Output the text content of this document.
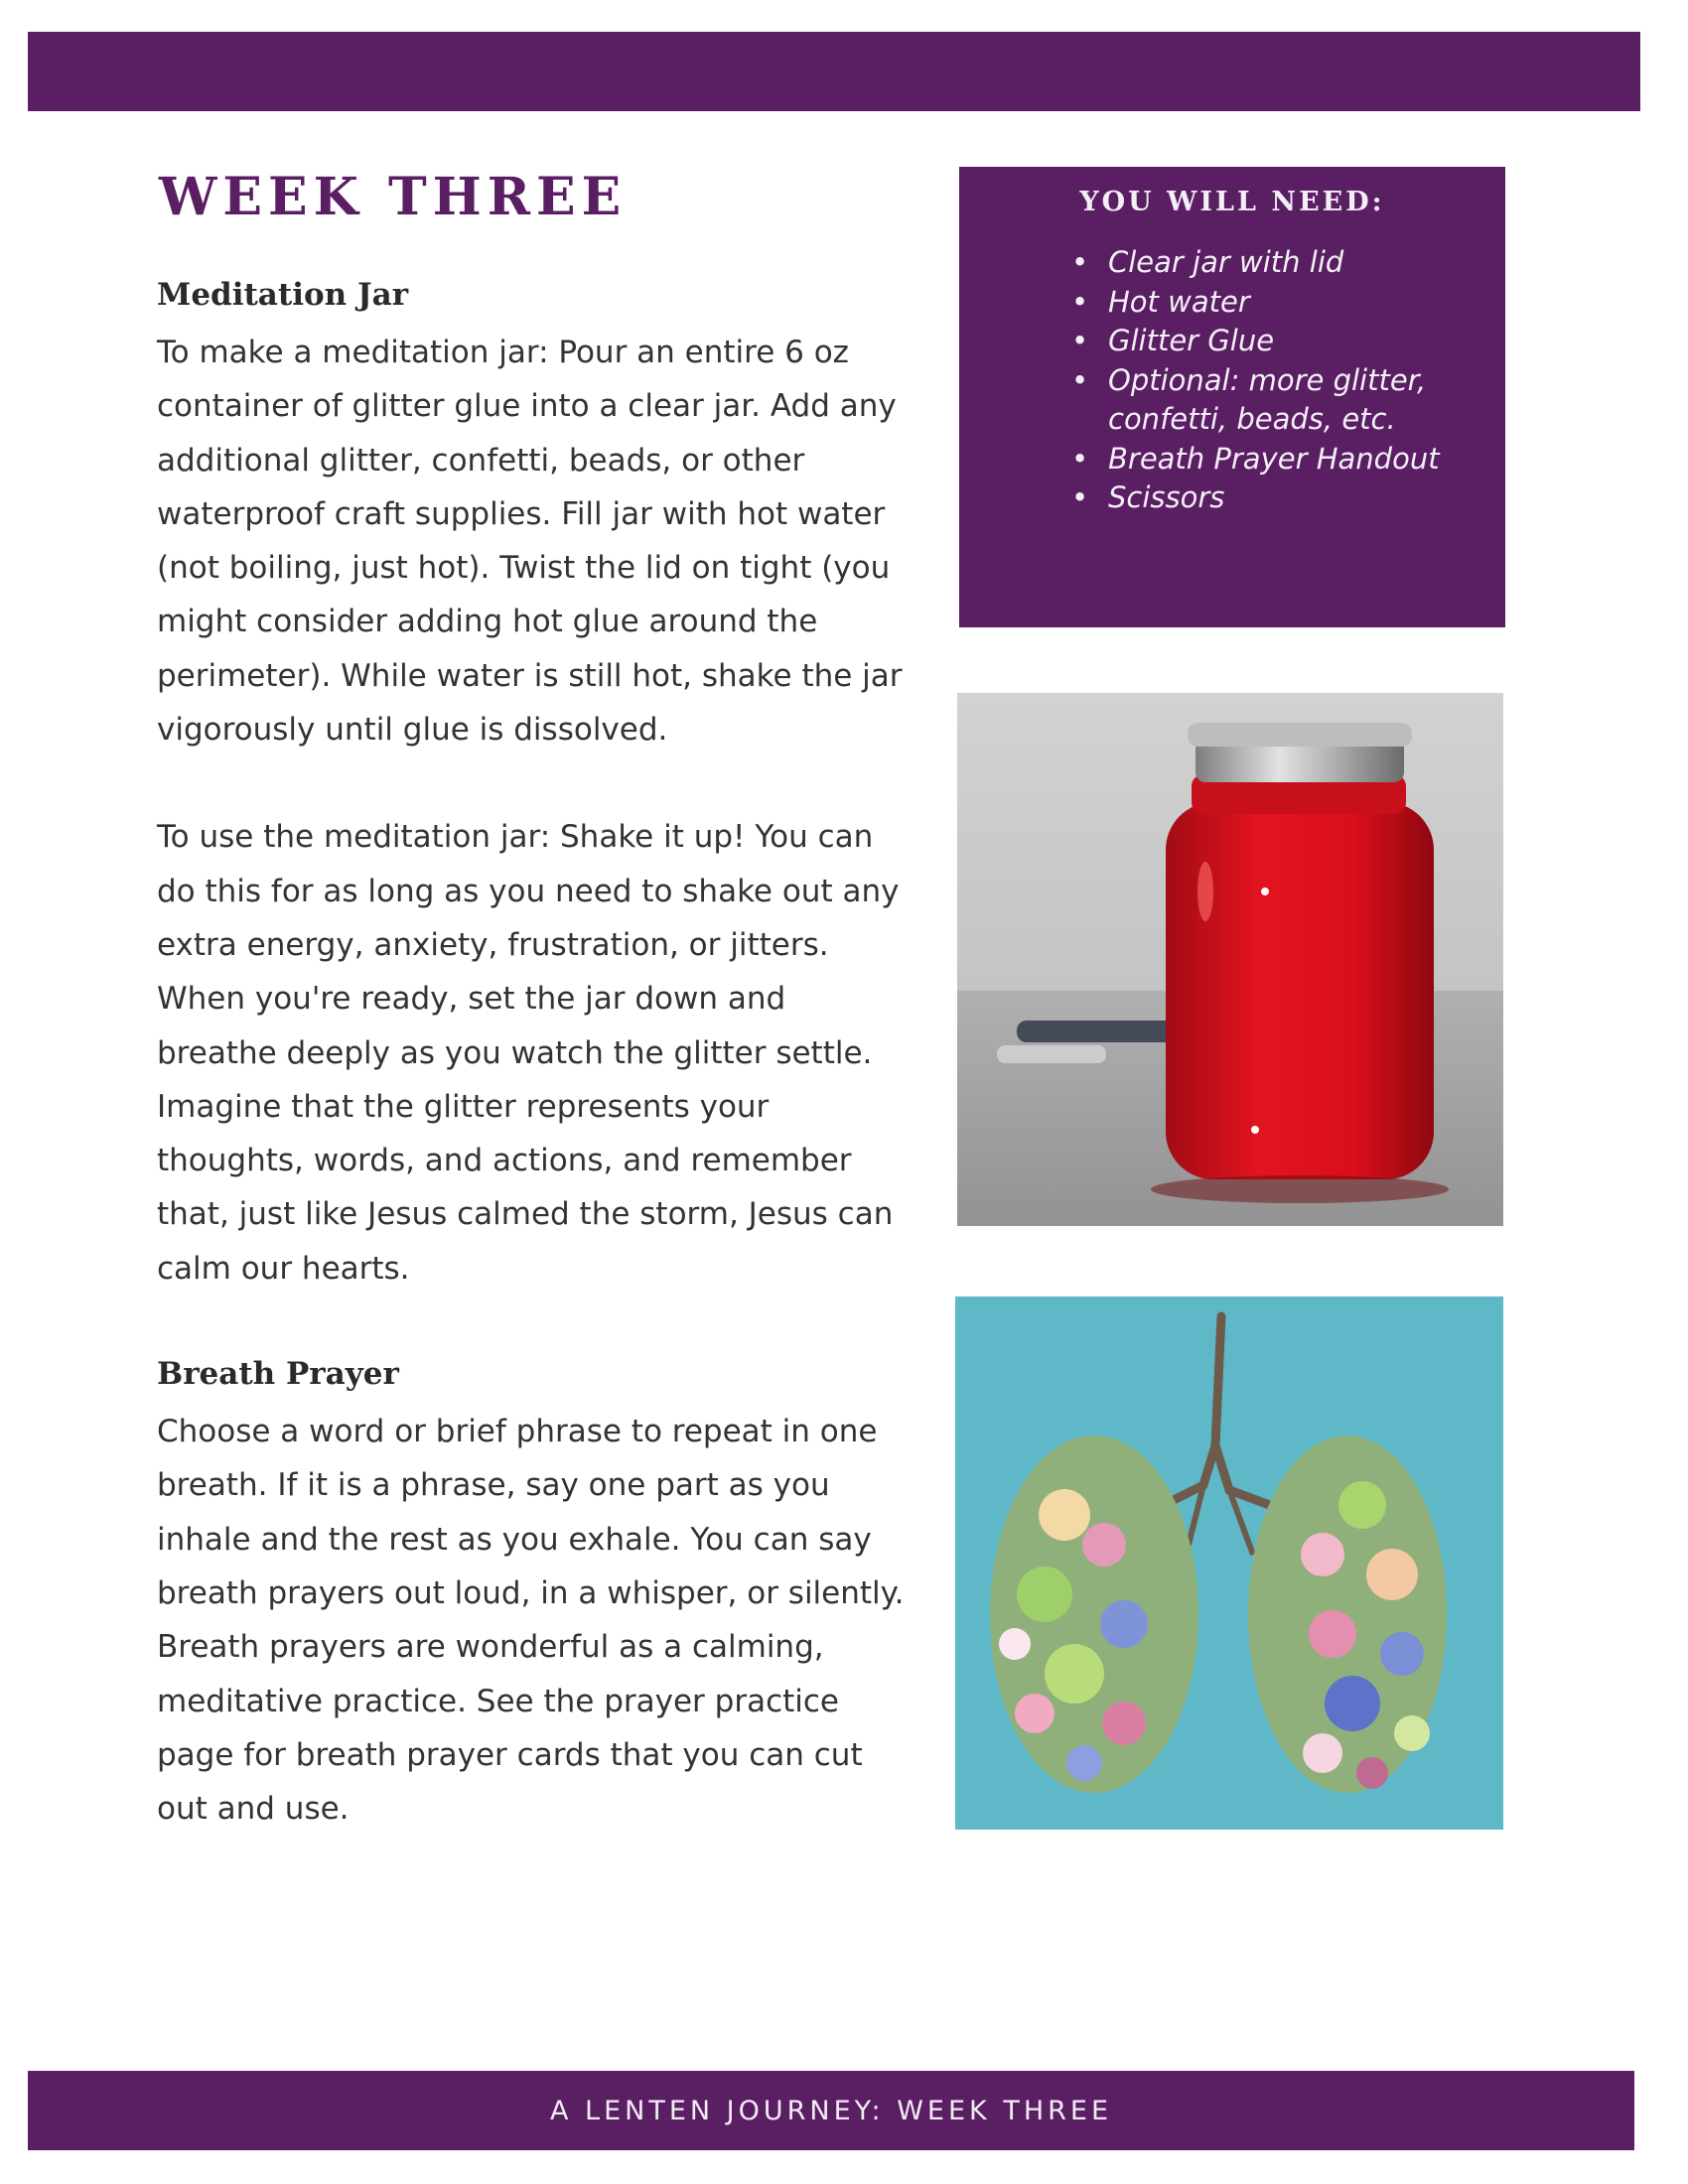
WEEK THREE
Meditation Jar

To make a meditation jar: Pour an entire 6 oz container of glitter glue into a clear jar. Add any additional glitter, confetti, beads, or other waterproof craft supplies. Fill jar with hot water (not boiling, just hot). Twist the lid on tight (you might consider adding hot glue around the perimeter). While water is still hot, shake the jar vigorously until glue is dissolved.

To use the meditation jar: Shake it up! You can do this for as long as you need to shake out any extra energy, anxiety, frustration, or jitters. When you're ready, set the jar down and breathe deeply as you watch the glitter settle. Imagine that the glitter represents your thoughts, words, and actions, and remember that, just like Jesus calmed the storm, Jesus can calm our hearts.

Breath Prayer

Choose a word or brief phrase to repeat in one breath. If it is a phrase, say one part as you inhale and the rest as you exhale. You can say breath prayers out loud, in a whisper, or silently. Breath prayers are wonderful as a calming, meditative practice. See the prayer practice page for breath prayer cards that you can cut out and use.

YOU WILL NEED:

• Clear jar with lid
• Hot water
• Glitter Glue
• Optional: more glitter, confetti, beads, etc.
• Breath Prayer Handout
• Scissors
A LENTEN JOURNEY: WEEK THREE
